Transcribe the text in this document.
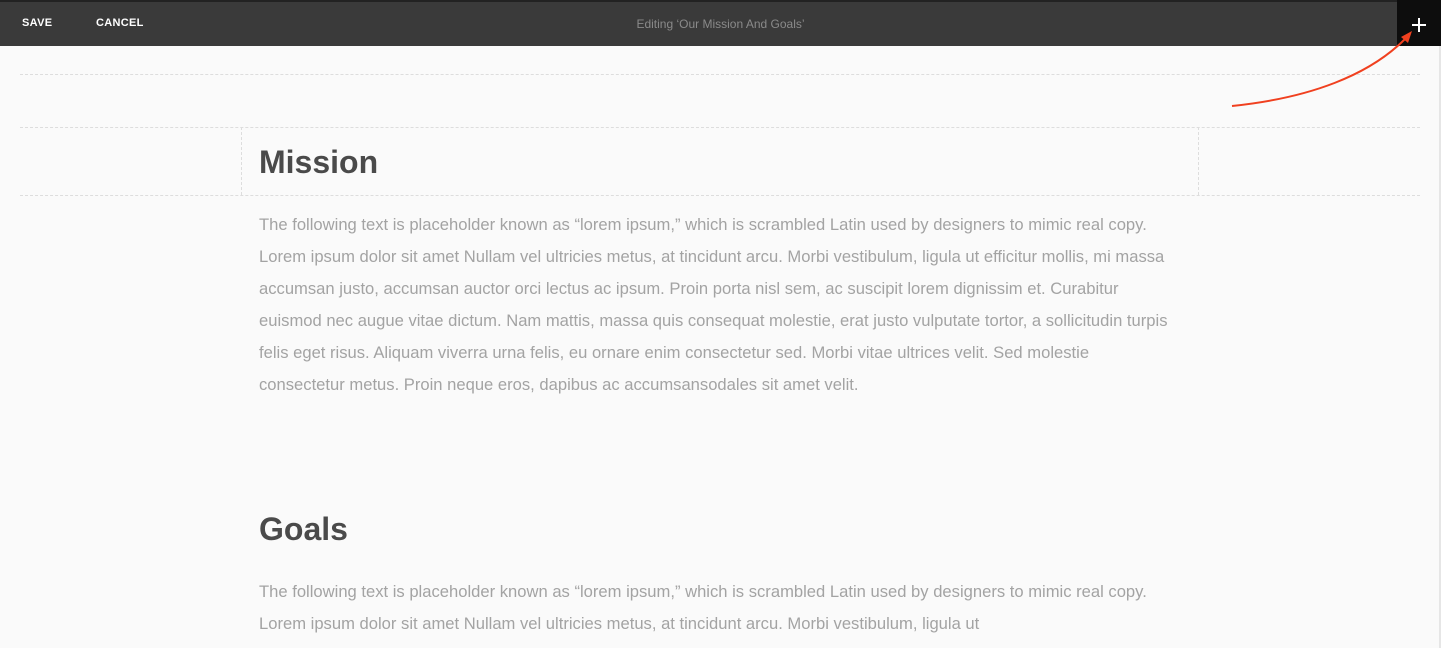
SAVE	CANCEL	Editing ‘Our Mission And Goals’
Mission

The following text is placeholder known as “lorem ipsum,” which is scrambled Latin used by designers to mimic real copy. Lorem ipsum dolor sit amet Nullam vel ultricies metus, at tincidunt arcu. Morbi vestibulum, ligula ut efficitur mollis, mi massa accumsan justo, accumsan auctor orci lectus ac ipsum. Proin porta nisl sem, ac suscipit lorem dignissim et. Curabitur euismod nec augue vitae dictum. Nam mattis, massa quis consequat molestie, erat justo vulputate tortor, a sollicitudin turpis felis eget risus. Aliquam viverra urna felis, eu ornare enim consectetur sed. Morbi vitae ultrices velit. Sed molestie consectetur metus. Proin neque eros, dapibus ac accumsansodales sit amet velit.

Goals

The following text is placeholder known as “lorem ipsum,” which is scrambled Latin used by designers to mimic real copy. Lorem ipsum dolor sit amet Nullam vel ultricies metus, at tincidunt arcu. Morbi vestibulum, ligula ut
